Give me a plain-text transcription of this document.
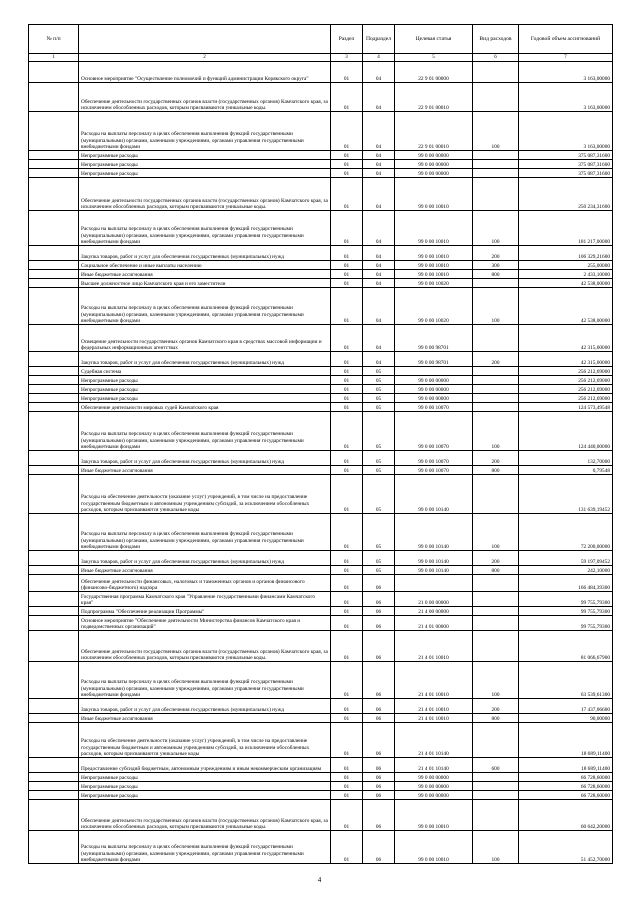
№ п/п		Раздел	Подраздел	Целевая статья	Вид расходов	Годовой объем ассигнований
1	2	3	4	5	6	7
	Основное мероприятие "Осуществление полномочий и функций администрации Корякского округа"	01	04	22 9 01 00000		3 163,00000
	Обеспечение деятельности государственных органов власти (государственных органов) Камчатского края, за исключением обособленных расходов, которым присваиваются уникальные коды.	01	04	22 9 01 00010		3 163,00000
	Расходы на выплаты персоналу в целях обеспечения выполнения функций государственными (муниципальными) органами, казенными учреждениями, органами управления государственными внебюджетными фондами	01	04	22 9 01 00010	100	3 163,00000
	Непрограммные расходы	01	04	99 0 00 00000		375 087,31600
	Непрограммные расходы	01	04	99 0 00 00000		375 087,31600
	Непрограммные расходы	01	04	99 0 00 00000		375 087,31600
	Обеспечение деятельности государственных органов власти (государственных органов) Камчатского края, за исключением обособленных расходов, которым присваиваются уникальные коды.	01	04	99 0 00 10010		250 234,31600
	Расходы на выплаты персоналу в целях обеспечения выполнения функций государственными (муниципальными) органами, казенными учреждениями, органами управления государственными внебюджетными фондами	01	04	99 0 00 10010	100	181 217,00000
	Закупка товаров, работ и услуг для обеспечения государственных (муниципальных) нужд	01	04	99 0 00 10010	200	106 329,21600
	Социальное обеспечение и иные выплаты населению	01	04	99 0 00 10010	300	255,00000
	Иные бюджетные ассигнования	01	04	99 0 00 10010	800	2 433,10000
	Высшее должностное лицо Камчатского края и его заместители	01	04	99 0 00 10020		42 538,00000
	Расходы на выплаты персоналу в целях обеспечения выполнения функций государственными (муниципальными) органами, казенными учреждениями, органами управления государственными внебюджетными фондами	01	04	99 0 00 10020	100	42 538,00000
	Освещение деятельности государственных органов Камчатского края в средствах массовой информации и федеральных информационных агентствах	01	04	99 0 00 98701		42 315,00000
	Закупка товаров, работ и услуг для обеспечения государственных (муниципальных) нужд	01	04	99 0 00 98701	200	42 315,00000
	Судебная система	01	05			256 212,69000
	Непрограммные расходы	01	05	99 0 00 00000		256 212,69000
	Непрограммные расходы	01	05	99 0 00 00000		256 212,69000
	Непрограммные расходы	01	05	99 0 00 00000		256 212,69000
	Обеспечение деятельности мировых судей Камчатского края	01	05	99 0 00 10070		124 573,49548
	Расходы на выплаты персоналу в целях обеспечения выполнения функций государственными (муниципальными) органами, казенными учреждениями, органами управления государственными внебюджетными фондами	01	05	99 0 00 10070	100	124 440,00000
	Закупка товаров, работ и услуг для обеспечения государственных (муниципальных) нужд	01	05	99 0 00 10070	200	132,70000
	Иные бюджетные ассигнования	01	05	99 0 00 10070	800	0,79548
	Расходы на обеспечение деятельности (оказание услуг) учреждений, в том числе на предоставление государственным бюджетным и автономным учреждениям субсидий, за исключением обособленных расходов, которым присваиваются уникальные коды	01	05	99 0 00 10140		131 639,19452
	Расходы на выплаты персоналу в целях обеспечения выполнения функций государственными (муниципальными) органами, казенными учреждениями, органами управления государственными внебюджетными фондами	01	05	99 0 00 10140	100	72 200,00000
	Закупка товаров, работ и услуг для обеспечения государственных (муниципальных) нужд	01	05	99 0 00 10140	200	59 197,09452
	Иные бюджетные ассигнования	01	05	99 0 00 10140	800	242,10000
	Обеспечение деятельности финансовых, налоговых и таможенных органов и органов финансового (финансово-бюджетного) надзора	01	06			166 484,39300
	Государственная программа Камчатского края "Управление государственными финансами Камчатского края"	01	06	21 0 00 00000		99 755,79300
	Подпрограмма "Обеспечение реализации Программы"	01	06	21 4 00 00000		99 755,79300
	Основное мероприятие "Обеспечение деятельности Министерства финансов Камчатского края и подведомственных организаций"	01	06	21 4 01 00000		99 755,79300
	Обеспечение деятельности государственных органов власти (государственных органов) Камчатского края, за исключением обособленных расходов, которым присваиваются уникальные коды.	01	06	21 4 01 10010		81 066,67900
	Расходы на выплаты персоналу в целях обеспечения выполнения функций государственными (муниципальными) органами, казенными учреждениями, органами управления государственными внебюджетными фондами	01	06	21 4 01 10010	100	63 539,61300
	Закупка товаров, работ и услуг для обеспечения государственных (муниципальных) нужд	01	06	21 4 01 10010	200	17 437,06600
	Иные бюджетные ассигнования	01	06	21 4 01 10010	800	90,00000
	Расходы на обеспечение деятельности (оказание услуг) учреждений, в том числе на предоставление государственным бюджетным и автономным учреждениям субсидий, за исключением обособленных расходов, которым присваиваются уникальные коды	01	06	21 4 01 10140		18 689,11400
	Предоставление субсидий бюджетным, автономным учреждениям и иным некоммерческим организациям	01	06	21 4 01 10140	600	18 689,11400
	Непрограммные расходы	01	06	99 0 00 00000		66 728,60000
	Непрограммные расходы	01	06	99 0 00 00000		66 728,60000
	Непрограммные расходы	01	06	99 0 00 00000		66 728,60000
	Обеспечение деятельности государственных органов власти (государственных органов) Камчатского края, за исключением обособленных расходов, которым присваиваются уникальные коды.	01	06	99 0 00 10010		60 642,20000
	Расходы на выплаты персоналу в целях обеспечения выполнения функций государственными (муниципальными) органами, казенными учреждениями, органами управления государственными внебюджетными фондами	01	06	99 0 00 10010	100	51 452,70000
4
